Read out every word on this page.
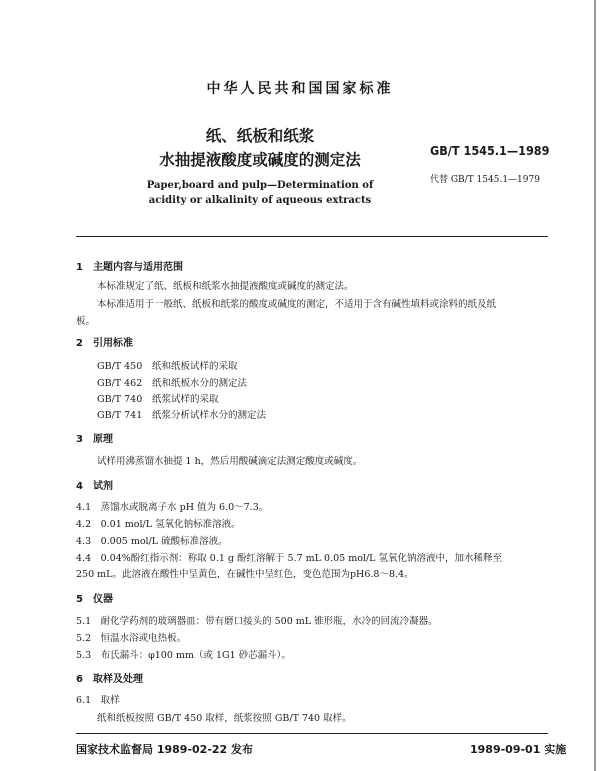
中华人民共和国国家标准
纸、纸板和纸浆
水抽提液酸度或碱度的测定法
GB/T 1545.1—1989
代替 GB/T 1545.1—1979
Paper,board and pulp—Determination of
acidity or alkalinity of aqueous extracts
1　主题内容与适用范围
本标准规定了纸、纸板和纸浆水抽提液酸度或碱度的测定法。
本标准适用于一般纸、纸板和纸浆的酸度或碱度的测定，不适用于含有碱性填料或涂料的纸及纸
板。
2　引用标准
GB/T 450 纸和纸板试样的采取
GB/T 462 纸和纸板水分的测定法
GB/T 740 纸浆试样的采取
GB/T 741 纸浆分析试样水分的测定法
3　原理
试样用沸蒸馏水抽提 1 h，然后用酸碱滴定法测定酸度或碱度。
4　试剂
4.1　蒸馏水或脱离子水 pH 值为 6.0～7.3。
4.2　0.01 mol/L 氢氧化钠标准溶液。
4.3　0.005 mol/L 硫酸标准溶液。
4.4　0.04%酚红指示剂：称取 0.1 g 酚红溶解于 5.7 mL 0.05 mol/L 氢氧化钠溶液中，加水稀释至
250 mL。此溶液在酸性中呈黄色，在碱性中呈红色，变色范围为pH6.8～8.4。
5　仪器
5.1　耐化学药剂的玻璃器皿：带有磨口接头的 500 mL 锥形瓶，水冷的回流冷凝器。
5.2　恒温水浴或电热板。
5.3　布氏漏斗：φ100 mm（或 1G1 砂芯漏斗）。
6　取样及处理
6.1　取样
纸和纸板按照 GB/T 450 取样，纸浆按照 GB/T 740 取样。
国家技术监督局 1989-02-22 发布	1989-09-01 实施
